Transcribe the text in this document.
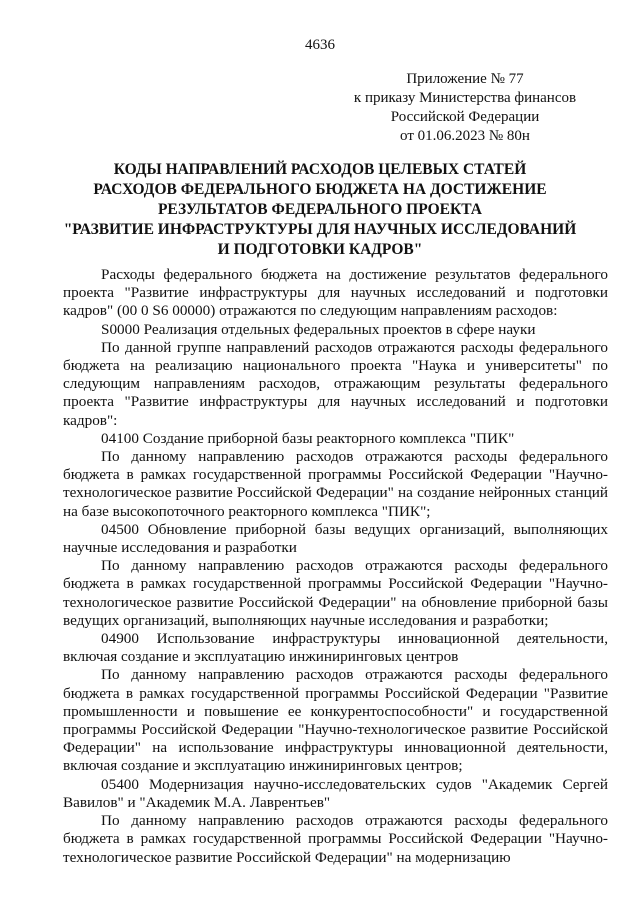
4636
Приложение № 77
к приказу Министерства финансов
Российской Федерации
от 01.06.2023 № 80н
КОДЫ НАПРАВЛЕНИЙ РАСХОДОВ ЦЕЛЕВЫХ СТАТЕЙ
РАСХОДОВ ФЕДЕРАЛЬНОГО БЮДЖЕТА НА ДОСТИЖЕНИЕ
РЕЗУЛЬТАТОВ ФЕДЕРАЛЬНОГО ПРОЕКТА
"РАЗВИТИЕ ИНФРАСТРУКТУРЫ ДЛЯ НАУЧНЫХ ИССЛЕДОВАНИЙ
И ПОДГОТОВКИ КАДРОВ"

Расходы федерального бюджета на достижение результатов федерального проекта "Развитие инфраструктуры для научных исследований и подготовки кадров" (00 0 S6 00000) отражаются по следующим направлениям расходов:

S0000 Реализация отдельных федеральных проектов в сфере науки

По данной группе направлений расходов отражаются расходы федерального бюджета на реализацию национального проекта "Наука и университеты" по следующим направлениям расходов, отражающим результаты федерального проекта "Развитие инфраструктуры для научных исследований и подготовки кадров":

04100 Создание приборной базы реакторного комплекса "ПИК"

По данному направлению расходов отражаются расходы федерального бюджета в рамках государственной программы Российской Федерации "Научно-технологическое развитие Российской Федерации" на создание нейронных станций на базе высокопоточного реакторного комплекса "ПИК";

04500 Обновление приборной базы ведущих организаций, выполняющих научные исследования и разработки

По данному направлению расходов отражаются расходы федерального бюджета в рамках государственной программы Российской Федерации "Научно-технологическое развитие Российской Федерации" на обновление приборной базы ведущих организаций, выполняющих научные исследования и разработки;

04900 Использование инфраструктуры инновационной деятельности, включая создание и эксплуатацию инжиниринговых центров

По данному направлению расходов отражаются расходы федерального бюджета в рамках государственной программы Российской Федерации "Развитие промышленности и повышение ее конкурентоспособности" и государственной программы Российской Федерации "Научно-технологическое развитие Российской Федерации" на использование инфраструктуры инновационной деятельности, включая создание и эксплуатацию инжиниринговых центров;

05400 Модернизация научно-исследовательских судов "Академик Сергей Вавилов" и "Академик М.А. Лаврентьев"

По данному направлению расходов отражаются расходы федерального бюджета в рамках государственной программы Российской Федерации "Научно-технологическое развитие Российской Федерации" на модернизацию
